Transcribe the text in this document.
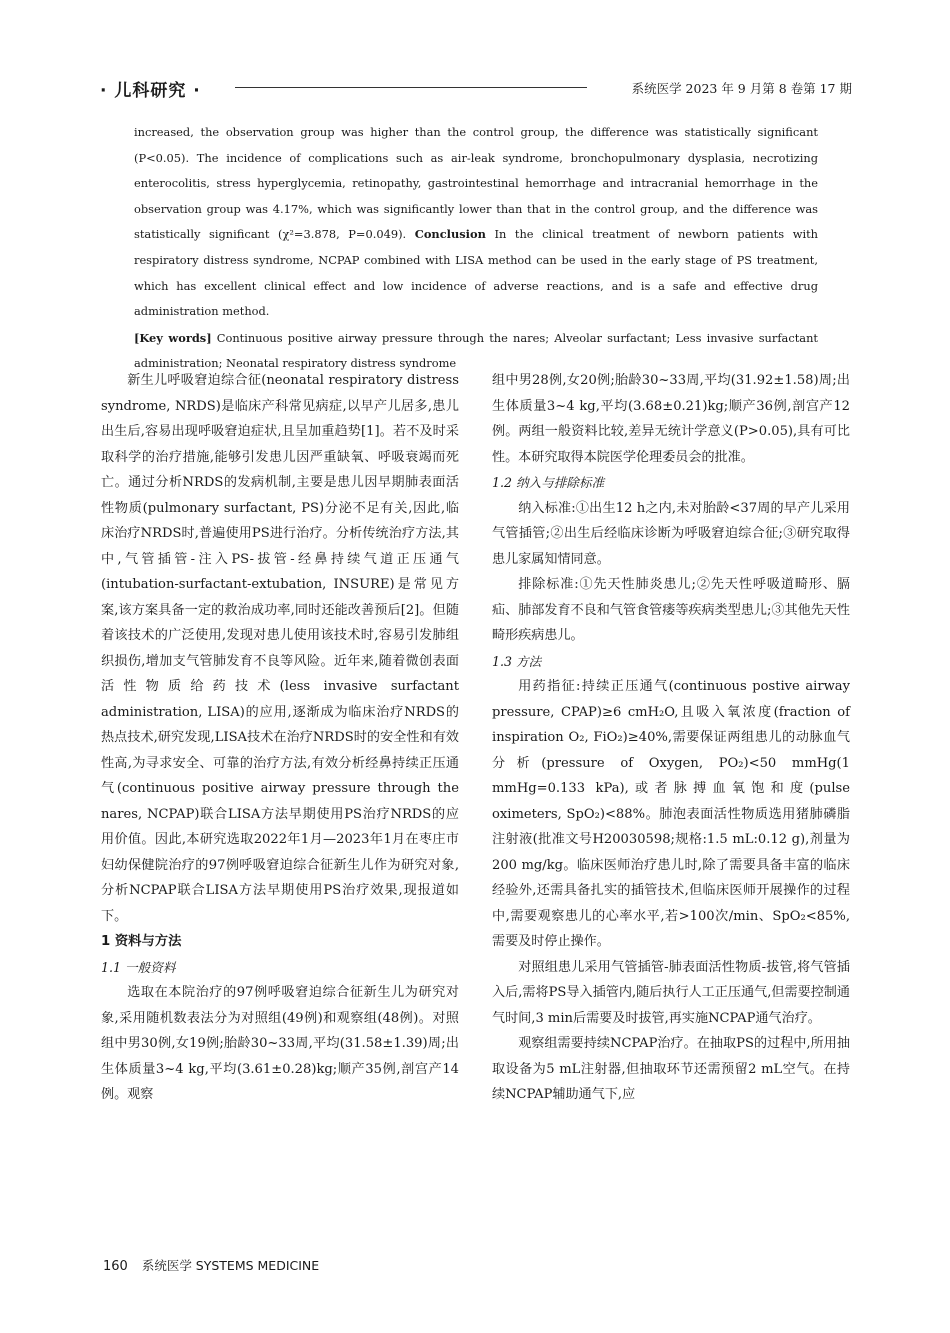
· 儿科研究 ·	系统医学 2023 年 9 月第 8 卷第 17 期

increased, the observation group was higher than the control group, the difference was statistically significant (P<0.05). The incidence of complications such as air-leak syndrome, bronchopulmonary dysplasia, necrotizing enterocolitis, stress hyperglycemia, retinopathy, gastrointestinal hemorrhage and intracranial hemorrhage in the observation group was 4.17%, which was significantly lower than that in the control group, and the difference was statistically significant (χ²=3.878, P=0.049). Conclusion In the clinical treatment of newborn patients with respiratory distress syndrome, NCPAP combined with LISA method can be used in the early stage of PS treatment, which has excellent clinical effect and low incidence of adverse reactions, and is a safe and effective drug administration method.

[Key words] Continuous positive airway pressure through the nares; Alveolar surfactant; Less invasive surfactant administration; Neonatal respiratory distress syndrome

新生儿呼吸窘迫综合征(neonatal respiratory distress syndrome, NRDS)是临床产科常见病症,以早产儿居多,患儿出生后,容易出现呼吸窘迫症状,且呈加重趋势[1]。若不及时采取科学的治疗措施,能够引发患儿因严重缺氧、呼吸衰竭而死亡。通过分析NRDS的发病机制,主要是患儿因早期肺表面活性物质(pulmonary surfactant, PS)分泌不足有关,因此,临床治疗NRDS时,普遍使用PS进行治疗。分析传统治疗方法,其中,气管插管-注入PS-拔管-经鼻持续气道正压通气(intubation-surfactant-extubation, INSURE)是常见方案,该方案具备一定的救治成功率,同时还能改善预后[2]。但随着该技术的广泛使用,发现对患儿使用该技术时,容易引发肺组织损伤,增加支气管肺发育不良等风险。近年来,随着微创表面活性物质给药技术(less invasive surfactant administration, LISA)的应用,逐渐成为临床治疗NRDS的热点技术,研究发现,LISA技术在治疗NRDS时的安全性和有效性高,为寻求安全、可靠的治疗方法,有效分析经鼻持续正压通气(continuous positive airway pressure through the nares, NCPAP)联合LISA方法早期使用PS治疗NRDS的应用价值。因此,本研究选取2022年1月—2023年1月在枣庄市妇幼保健院治疗的97例呼吸窘迫综合征新生儿作为研究对象,分析NCPAP联合LISA方法早期使用PS治疗效果,现报道如下。

1 资料与方法
1.1 一般资料

选取在本院治疗的97例呼吸窘迫综合征新生儿为研究对象,采用随机数表法分为对照组(49例)和观察组(48例)。对照组中男30例,女19例;胎龄30~33周,平均(31.58±1.39)周;出生体质量3~4 kg,平均(3.61±0.28)kg;顺产35例,剖宫产14例。观察

组中男28例,女20例;胎龄30~33周,平均(31.92±1.58)周;出生体质量3~4 kg,平均(3.68±0.21)kg;顺产36例,剖宫产12例。两组一般资料比较,差异无统计学意义(P>0.05),具有可比性。本研究取得本院医学伦理委员会的批准。

1.2 纳入与排除标准

纳入标准:①出生12 h之内,未对胎龄<37周的早产儿采用气管插管;②出生后经临床诊断为呼吸窘迫综合征;③研究取得患儿家属知情同意。

排除标准:①先天性肺炎患儿;②先天性呼吸道畸形、膈疝、肺部发育不良和气管食管瘘等疾病类型患儿;③其他先天性畸形疾病患儿。

1.3 方法

用药指征:持续正压通气(continuous postive airway pressure, CPAP)≥6 cmH₂O,且吸入氧浓度(fraction of inspiration O₂, FiO₂)≥40%,需要保证两组患儿的动脉血气分析(pressure of Oxygen, PO₂)<50 mmHg(1 mmHg=0.133 kPa),或者脉搏血氧饱和度(pulse oximeters, SpO₂)<88%。肺泡表面活性物质选用猪肺磷脂注射液(批准文号H20030598;规格:1.5 mL:0.12 g),剂量为200 mg/kg。临床医师治疗患儿时,除了需要具备丰富的临床经验外,还需具备扎实的插管技术,但临床医师开展操作的过程中,需要观察患儿的心率水平,若>100次/min、SpO₂<85%,需要及时停止操作。

对照组患儿采用气管插管-肺表面活性物质-拔管,将气管插入后,需将PS导入插管内,随后执行人工正压通气,但需要控制通气时间,3 min后需要及时拔管,再实施NCPAP通气治疗。

观察组需要持续NCPAP治疗。在抽取PS的过程中,所用抽取设备为5 mL注射器,但抽取环节还需预留2 mL空气。在持续NCPAP辅助通气下,应

160 系统医学 SYSTEMS MEDICINE
